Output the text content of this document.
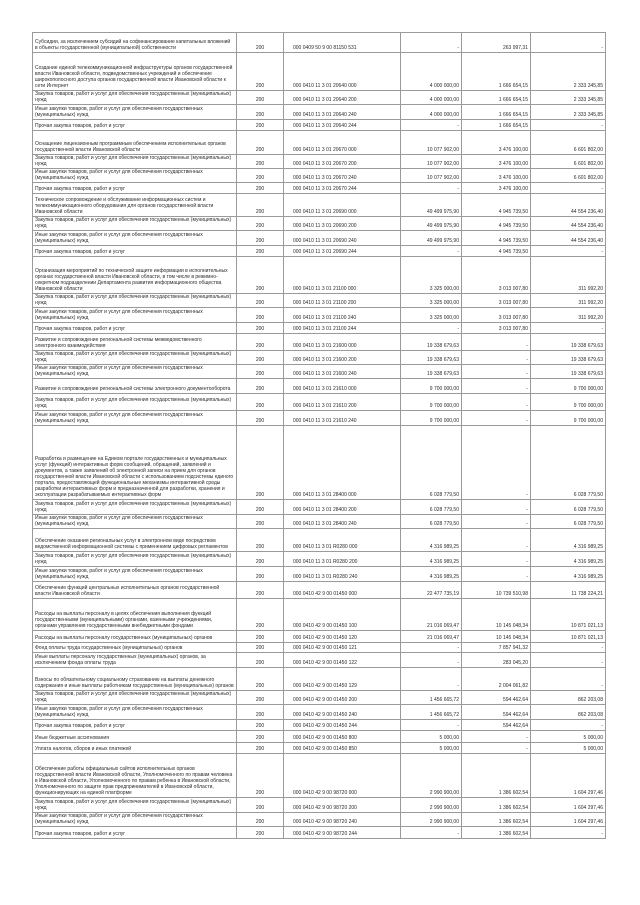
Субсидии, за исключением субсидий на софинансирование капитальных вложений в объекты государственной (муниципальной) собственности	200	000 0409 50 9 00 81150 531	-	263 997,31	-
Создание единой телекоммуникационной инфраструктуры органов государственной власти Ивановской области, подведомственных учреждений и обеспечение широкополосного доступа органов государственной власти Ивановской области к сети Интернет	200	000 0410 11 3 01 20640 000	4 000 000,00	1 666 654,15	2 333 345,85
Закупка товаров, работ и услуг для обеспечения государственных (муниципальных) нужд	200	000 0410 11 3 01 20640 200	4 000 000,00	1 666 654,15	2 333 345,85
Иные закупки товаров, работ и услуг для обеспечения государственных (муниципальных) нужд	200	000 0410 11 3 01 20640 240	4 000 000,00	1 666 654,15	2 333 345,85
Прочая закупка товаров, работ и услуг	200	000 0410 11 3 01 20640 244	-	1 666 654,15	-
Оснащение лицензионным программным обеспечением исполнительных органов государственной власти Ивановской области	200	000 0410 11 3 01 20670 000	10 077 902,00	3 476 100,00	6 601 802,00
Закупка товаров, работ и услуг для обеспечения государственных (муниципальных) нужд	200	000 0410 11 3 01 20670 200	10 077 902,00	3 476 100,00	6 601 802,00
Иные закупки товаров, работ и услуг для обеспечения государственных (муниципальных) нужд	200	000 0410 11 3 01 20670 240	10 077 902,00	3 476 100,00	6 601 802,00
Прочая закупка товаров, работ и услуг	200	000 0410 11 3 01 20670 244	-	3 476 100,00	-
Техническое сопровождение и обслуживание информационных систем и телекоммуникационного оборудования для органов государственной власти Ивановской области	200	000 0410 11 3 01 20690 000	49 499 975,90	4 945 739,50	44 554 236,40
Закупка товаров, работ и услуг для обеспечения государственных (муниципальных) нужд	200	000 0410 11 3 01 20690 200	49 499 975,90	4 945 739,50	44 554 236,40
Иные закупки товаров, работ и услуг для обеспечения государственных (муниципальных) нужд	200	000 0410 11 3 01 20690 240	49 499 975,90	4 945 739,50	44 554 236,40
Прочая закупка товаров, работ и услуг	200	000 0410 11 3 01 20690 244	-	4 945 739,50	-
Организация мероприятий по технической защите информации в исполнительных органах государственной власти Ивановской области, в том числе в режимно-секретном подразделении Департамента развития информационного общества Ивановской области	200	000 0410 11 3 01 21100 000	3 325 000,00	3 013 007,80	311 992,20
Закупка товаров, работ и услуг для обеспечения государственных (муниципальных) нужд	200	000 0410 11 3 01 21100 200	3 325 000,00	3 013 007,80	311 992,20
Иные закупки товаров, работ и услуг для обеспечения государственных (муниципальных) нужд	200	000 0410 11 3 01 21100 240	3 325 000,00	3 013 007,80	311 992,20
Прочая закупка товаров, работ и услуг	200	000 0410 11 3 01 21100 244	-	3 013 007,80	-
Развитие и сопровождение региональной системы межведомственного электронного взаимодействия	200	000 0410 11 3 01 21600 000	19 338 679,63	-	19 338 679,63
Закупка товаров, работ и услуг для обеспечения государственных (муниципальных) нужд	200	000 0410 11 3 01 21600 200	19 338 679,63	-	19 338 679,63
Иные закупки товаров, работ и услуг для обеспечения государственных (муниципальных) нужд	200	000 0410 11 3 01 21600 240	19 338 679,63	-	19 338 679,63
Развитие и сопровождение региональной системы электронного документооборота	200	000 0410 11 3 01 21610 000	9 700 000,00	-	9 700 000,00
Закупка товаров, работ и услуг для обеспечения государственных (муниципальных) нужд	200	000 0410 11 3 01 21610 200	9 700 000,00	-	9 700 000,00
Иные закупки товаров, работ и услуг для обеспечения государственных (муниципальных) нужд	200	000 0410 11 3 01 21610 240	9 700 000,00	-	9 700 000,00
Разработка и размещение на Едином портале государственных и муниципальных услуг (функций) интерактивных форм сообщений, обращений, заявлений и документов, а также заявлений об электронной записи на прием для органов государственной власти Ивановской области с использованием подсистемы единого портала, предоставляющей функциональные механизмы интерактивной среды разработки интерактивных форм и предназначенной для разработки, хранения и эксплуатации разрабатываемых интерактивных форм	200	000 0410 11 3 01 28400 000	6 028 779,50	-	6 028 779,50
Закупка товаров, работ и услуг для обеспечения государственных (муниципальных) нужд	200	000 0410 11 3 01 28400 200	6 028 779,50	-	6 028 779,50
Иные закупки товаров, работ и услуг для обеспечения государственных (муниципальных) нужд	200	000 0410 11 3 01 28400 240	6 028 779,50	-	6 028 779,50
Обеспечение оказания региональных услуг в электронном виде посредством ведомственной информационной системы с применением цифровых регламентов	200	000 0410 11 3 01 R0280 000	4 316 989,25	-	4 316 989,25
Закупка товаров, работ и услуг для обеспечения государственных (муниципальных) нужд	200	000 0410 11 3 01 R0280 200	4 316 989,25	-	4 316 989,25
Иные закупки товаров, работ и услуг для обеспечения государственных (муниципальных) нужд	200	000 0410 11 3 01 R0280 240	4 316 989,25	-	4 316 989,25
Обеспечение функций центральных исполнительных органов государственной власти Ивановской области	200	000 0410 42 9 00 01450 000	22 477 735,19	10 739 510,98	11 738 224,21
Расходы на выплаты персоналу в целях обеспечения выполнения функций государственными (муниципальными) органами, казенными учреждениями, органами управления государственными внебюджетными фондами	200	000 0410 42 9 00 01450 100	21 016 069,47	10 145 048,34	10 871 021,13
Расходы на выплаты персоналу государственных (муниципальных) органов	200	000 0410 42 9 00 01450 120	21 016 069,47	10 145 048,34	10 871 021,13
Фонд оплаты труда государственных (муниципальных) органов	200	000 0410 42 9 00 01450 121	-	7 857 941,32	-
Иные выплаты персоналу государственных (муниципальных) органов, за исключением фонда оплаты труда	200	000 0410 42 9 00 01450 122	-	283 045,20	-
Взносы по обязательному социальному страхованию на выплаты денежного содержания и иные выплаты работникам государственных (муниципальных) органов	200	000 0410 42 9 00 01450 129	-	2 004 061,82	-
Закупка товаров, работ и услуг для обеспечения государственных (муниципальных) нужд	200	000 0410 42 9 00 01450 200	1 456 665,72	594 462,64	862 203,08
Иные закупки товаров, работ и услуг для обеспечения государственных (муниципальных) нужд	200	000 0410 42 9 00 01450 240	1 456 665,72	594 462,64	862 203,08
Прочая закупка товаров, работ и услуг	200	000 0410 42 9 00 01450 244	-	594 462,64	-
Иные бюджетные ассигнования	200	000 0410 42 9 00 01450 800	5 000,00	-	5 000,00
Уплата налогов, сборов и иных платежей	200	000 0410 42 9 00 01450 850	5 000,00	-	5 000,00
Обеспечение работы официальных сайтов исполнительных органов государственной власти Ивановской области, Уполномоченного по правам человека в Ивановской области, Уполномоченного по правам ребенка в Ивановской области, Уполномоченного по защите прав предпринимателей в Ивановской области, функционирующих на единой платформе	200	000 0410 42 9 00 98720 000	2 990 900,00	1 386 602,54	1 604 297,46
Закупка товаров, работ и услуг для обеспечения государственных (муниципальных) нужд	200	000 0410 42 9 00 98720 200	2 990 900,00	1 386 602,54	1 604 297,46
Иные закупки товаров, работ и услуг для обеспечения государственных (муниципальных) нужд	200	000 0410 42 9 00 98720 240	2 990 900,00	1 386 602,54	1 604 297,46
Прочая закупка товаров, работ и услуг	200	000 0410 42 9 00 98720 244	-	1 386 602,54	-
